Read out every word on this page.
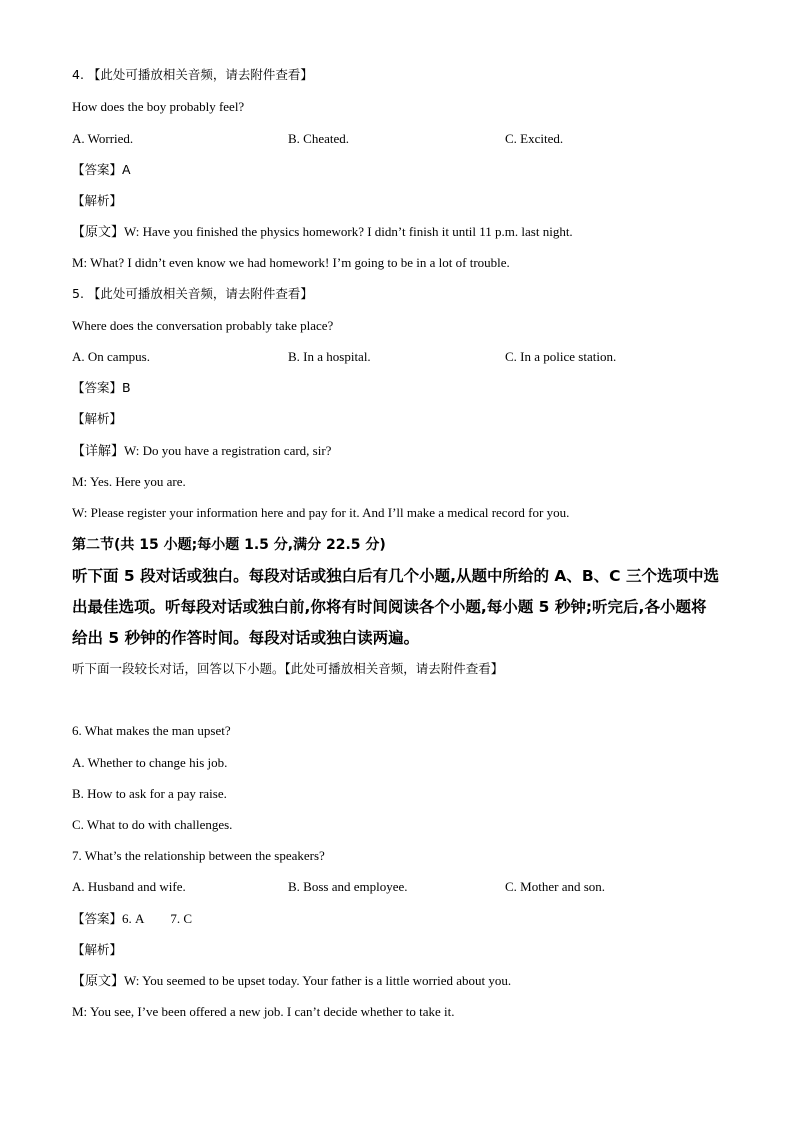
4. 【此处可播放相关音频，请去附件查看】
How does the boy probably feel?
A. Worried.	B. Cheated.	C. Excited.
【答案】A
【解析】
【原文】W: Have you finished the physics homework? I didn’t finish it until 11 p.m. last night.
M: What? I didn’t even know we had homework! I’m going to be in a lot of trouble.
5. 【此处可播放相关音频，请去附件查看】
Where does the conversation probably take place?
A. On campus.	B. In a hospital.	C. In a police station.
【答案】B
【解析】
【详解】W: Do you have a registration card, sir?
M: Yes. Here you are.
W: Please register your information here and pay for it. And I’ll make a medical record for you.
第二节(共 15 小题;每小题 1.5 分,满分 22.5 分)
听下面 5 段对话或独白。每段对话或独白后有几个小题,从题中所给的 A、B、C 三个选项中选
出最佳选项。听每段对话或独白前,你将有时间阅读各个小题,每小题 5 秒钟;听完后,各小题将
给出 5 秒钟的作答时间。每段对话或独白读两遍。
听下面一段较长对话，回答以下小题。【此处可播放相关音频，请去附件查看】
6. What makes the man upset?
A. Whether to change his job.
B. How to ask for a pay raise.
C. What to do with challenges.
7. What’s the relationship between the speakers?
A. Husband and wife.	B. Boss and employee.	C. Mother and son.
【答案】6. A 7. C
【解析】
【原文】W: You seemed to be upset today. Your father is a little worried about you.
M: You see, I’ve been offered a new job. I can’t decide whether to take it.
